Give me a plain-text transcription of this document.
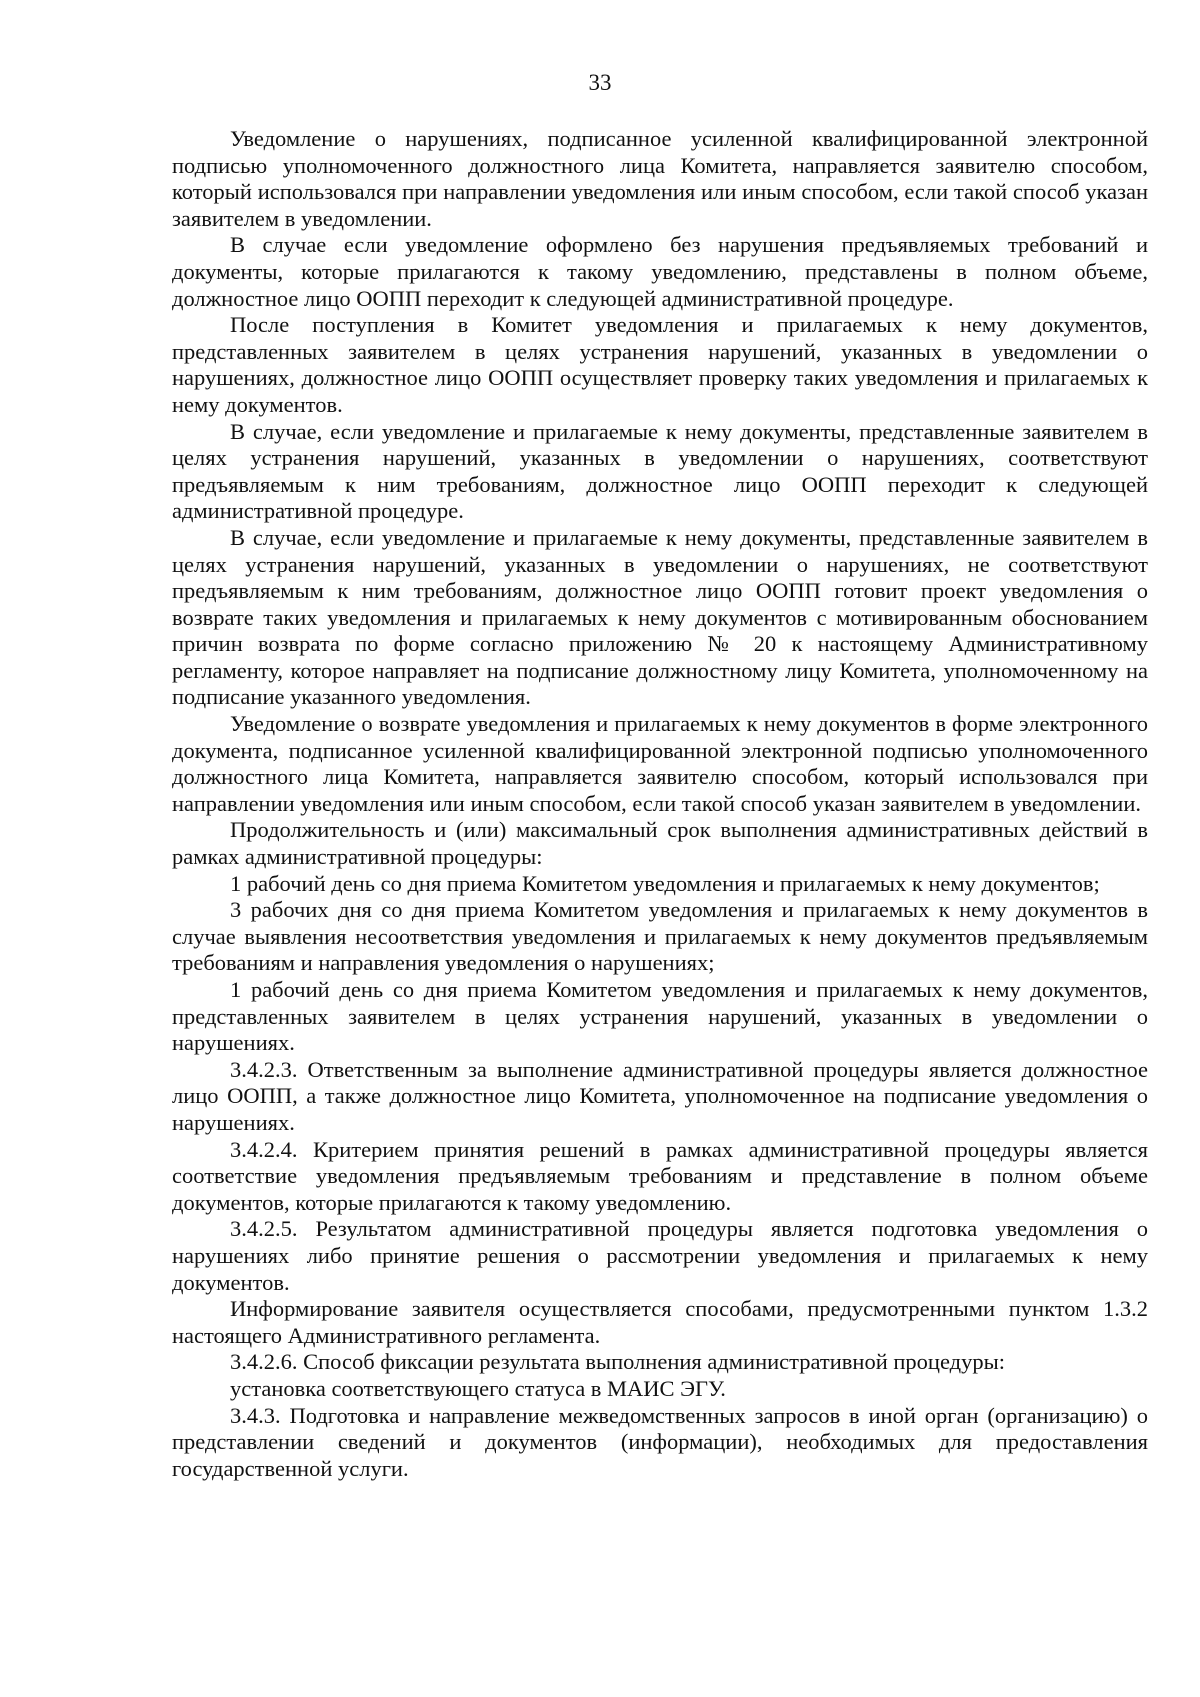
33

Уведомление о нарушениях, подписанное усиленной квалифицированной электронной подписью уполномоченного должностного лица Комитета, направляется заявителю способом, который использовался при направлении уведомления или иным способом, если такой способ указан заявителем в уведомлении.

В случае если уведомление оформлено без нарушения предъявляемых требований и документы, которые прилагаются к такому уведомлению, представлены в полном объеме, должностное лицо ООПП переходит к следующей административной процедуре.

После поступления в Комитет уведомления и прилагаемых к нему документов, представленных заявителем в целях устранения нарушений, указанных в уведомлении о нарушениях, должностное лицо ООПП осуществляет проверку таких уведомления и прилагаемых к нему документов.

В случае, если уведомление и прилагаемые к нему документы, представленные заявителем в целях устранения нарушений, указанных в уведомлении о нарушениях, соответствуют предъявляемым к ним требованиям, должностное лицо ООПП переходит к следующей административной процедуре.

В случае, если уведомление и прилагаемые к нему документы, представленные заявителем в целях устранения нарушений, указанных в уведомлении о нарушениях, не соответствуют предъявляемым к ним требованиям, должностное лицо ООПП готовит проект уведомления о возврате таких уведомления и прилагаемых к нему документов с мотивированным обоснованием причин возврата по форме согласно приложению № 20 к настоящему Административному регламенту, которое направляет на подписание должностному лицу Комитета, уполномоченному на подписание указанного уведомления.

Уведомление о возврате уведомления и прилагаемых к нему документов в форме электронного документа, подписанное усиленной квалифицированной электронной подписью уполномоченного должностного лица Комитета, направляется заявителю способом, который использовался при направлении уведомления или иным способом, если такой способ указан заявителем в уведомлении.

Продолжительность и (или) максимальный срок выполнения административных действий в рамках административной процедуры:

1 рабочий день со дня приема Комитетом уведомления и прилагаемых к нему документов;

3 рабочих дня со дня приема Комитетом уведомления и прилагаемых к нему документов в случае выявления несоответствия уведомления и прилагаемых к нему документов предъявляемым требованиям и направления уведомления о нарушениях;

1 рабочий день со дня приема Комитетом уведомления и прилагаемых к нему документов, представленных заявителем в целях устранения нарушений, указанных в уведомлении о нарушениях.

3.4.2.3. Ответственным за выполнение административной процедуры является должностное лицо ООПП, а также должностное лицо Комитета, уполномоченное на подписание уведомления о нарушениях.

3.4.2.4. Критерием принятия решений в рамках административной процедуры является соответствие уведомления предъявляемым требованиям и представление в полном объеме документов, которые прилагаются к такому уведомлению.

3.4.2.5. Результатом административной процедуры является подготовка уведомления о нарушениях либо принятие решения о рассмотрении уведомления и прилагаемых к нему документов.

Информирование заявителя осуществляется способами, предусмотренными пунктом 1.3.2 настоящего Административного регламента.

3.4.2.6. Способ фиксации результата выполнения административной процедуры:

установка соответствующего статуса в МАИС ЭГУ.

3.4.3. Подготовка и направление межведомственных запросов в иной орган (организацию) о представлении сведений и документов (информации), необходимых для предоставления государственной услуги.
